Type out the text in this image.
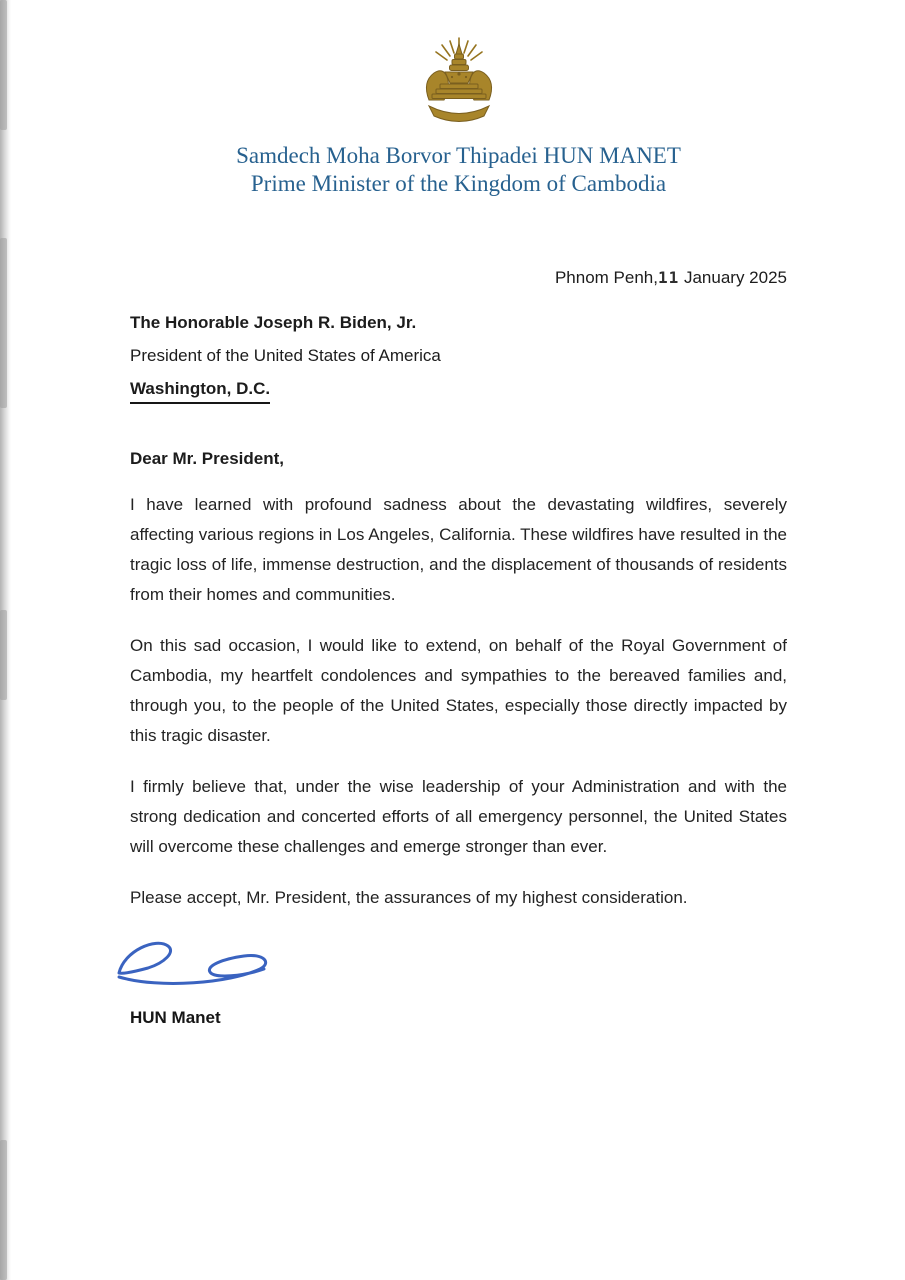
Samdech Moha Borvor Thipadei HUN MANET
Prime Minister of the Kingdom of Cambodia
Phnom Penh,11 January 2025
The Honorable Joseph R. Biden, Jr.
President of the United States of America
Washington, D.C.
Dear Mr. President,

I have learned with profound sadness about the devastating wildfires, severely affecting various regions in Los Angeles, California. These wildfires have resulted in the tragic loss of life, immense destruction, and the displacement of thousands of residents from their homes and communities.

On this sad occasion, I would like to extend, on behalf of the Royal Government of Cambodia, my heartfelt condolences and sympathies to the bereaved families and, through you, to the people of the United States, especially those directly impacted by this tragic disaster.

I firmly believe that, under the wise leadership of your Administration and with the strong dedication and concerted efforts of all emergency personnel, the United States will overcome these challenges and emerge stronger than ever.

Please accept, Mr. President, the assurances of my highest consideration.

HUN Manet
